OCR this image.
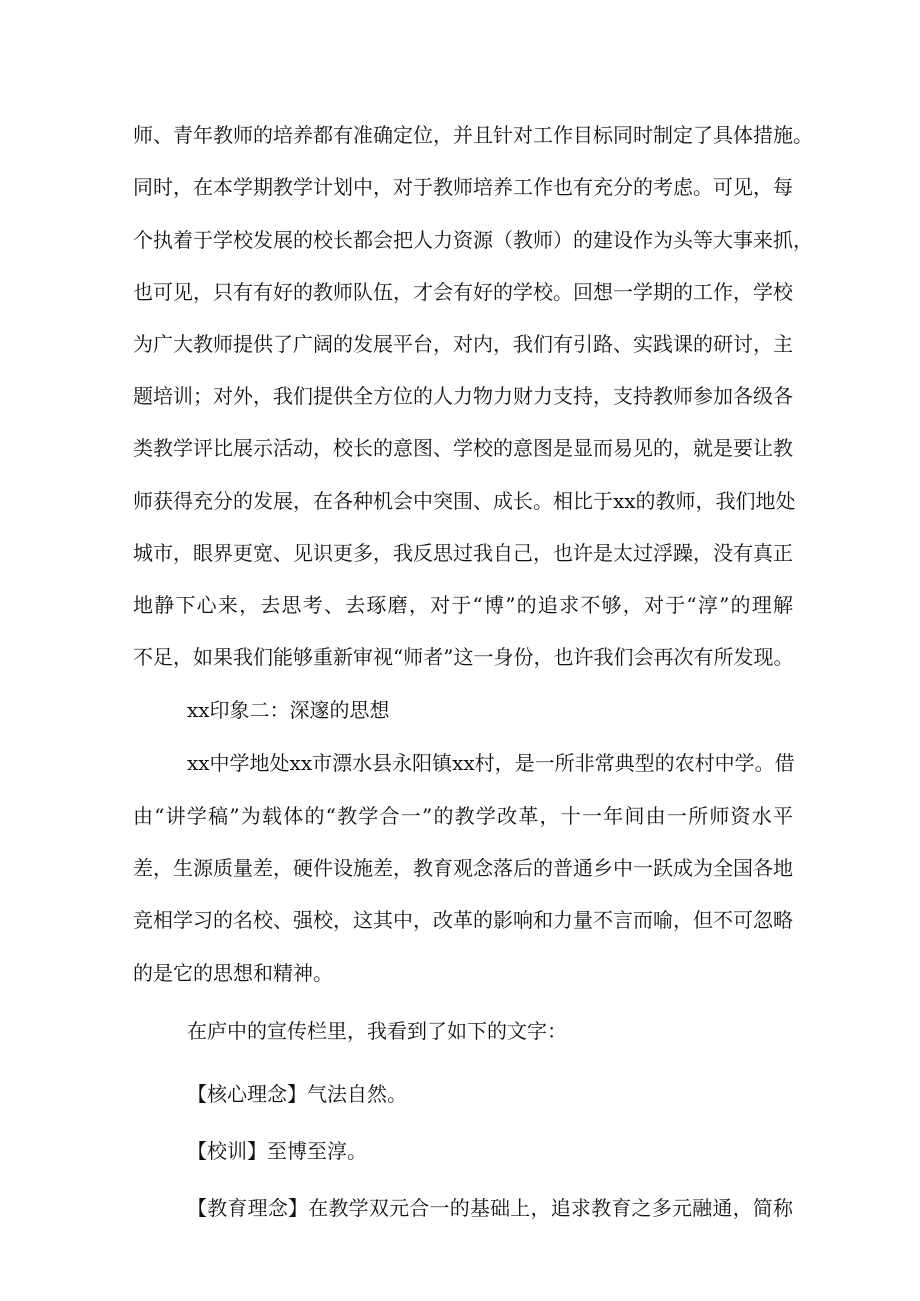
师、青年教师的培养都有准确定位，并且针对工作目标同时制定了具体措施。
同时，在本学期教学计划中，对于教师培养工作也有充分的考虑。可见，每
个执着于学校发展的校长都会把人力资源（教师）的建设作为头等大事来抓，
也可见，只有有好的教师队伍，才会有好的学校。回想一学期的工作，学校
为广大教师提供了广阔的发展平台，对内，我们有引路、实践课的研讨，主
题培训；对外，我们提供全方位的人力物力财力支持，支持教师参加各级各
类教学评比展示活动，校长的意图、学校的意图是显而易见的，就是要让教
师获得充分的发展，在各种机会中突围、成长。相比于xx的教师，我们地处
城市，眼界更宽、见识更多，我反思过我自己，也许是太过浮躁，没有真正
地静下心来，去思考、去琢磨，对于“博”的追求不够，对于“淳”的理解
不足，如果我们能够重新审视“师者”这一身份，也许我们会再次有所发现。
xx印象二：深邃的思想
xx中学地处xx市漂水县永阳镇xx村，是一所非常典型的农村中学。借
由“讲学稿”为载体的“教学合一”的教学改革，十一年间由一所师资水平
差，生源质量差，硬件设施差，教育观念落后的普通乡中一跃成为全国各地
竞相学习的名校、强校，这其中，改革的影响和力量不言而喻，但不可忽略
的是它的思想和精神。
在庐中的宣传栏里，我看到了如下的文字：
【核心理念】气法自然。
【校训】至博至淳。
【教育理念】在教学双元合一的基础上，追求教育之多元融通，简称
